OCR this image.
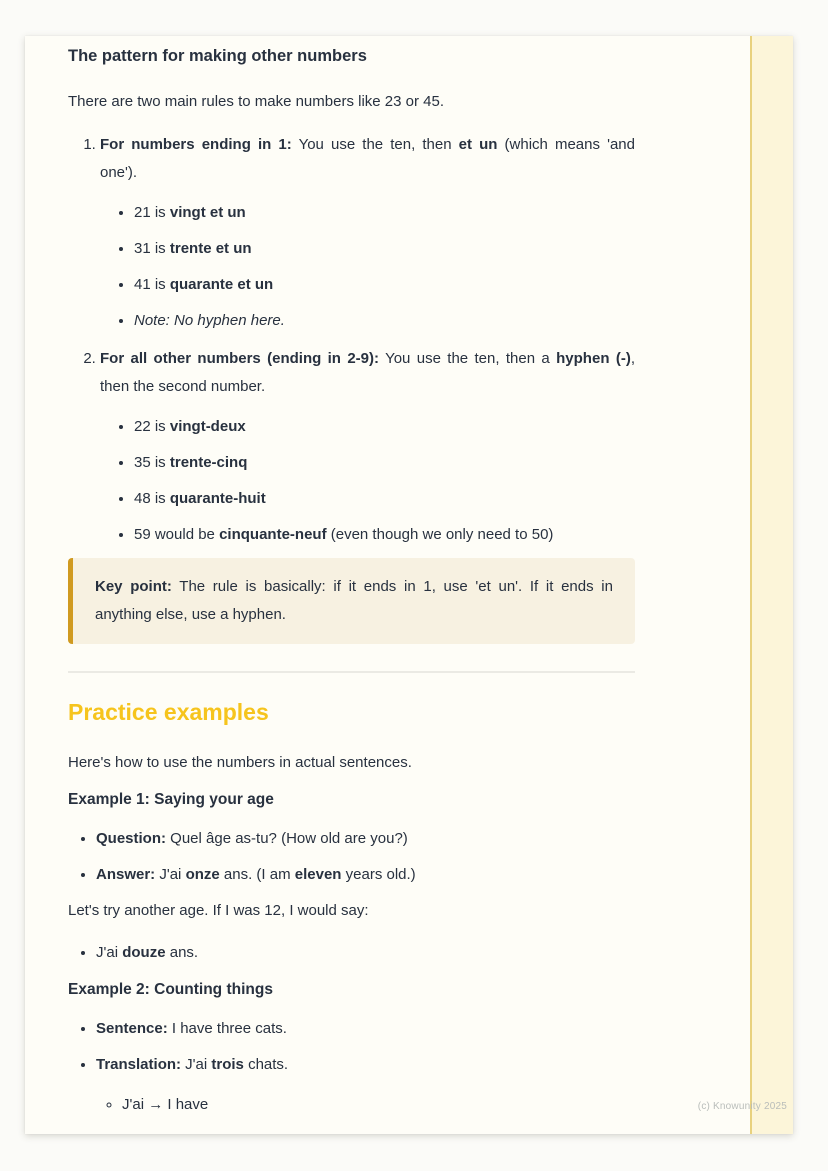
The pattern for making other numbers

There are two main rules to make numbers like 23 or 45.

1. For numbers ending in 1: You use the ten, then et un (which means 'and one').
• 21 is vingt et un
• 31 is trente et un
• 41 is quarante et un
• Note: No hyphen here.
2. For all other numbers (ending in 2-9): You use the ten, then a hyphen (-), then the second number.
• 22 is vingt-deux
• 35 is trente-cinq
• 48 is quarante-huit
• 59 would be cinquante-neuf (even though we only need to 50)
Key point: The rule is basically: if it ends in 1, use 'et un'. If it ends in anything else, use a hyphen.
Practice examples

Here's how to use the numbers in actual sentences.

Example 1: Saying your age
• Question: Quel âge as-tu? (How old are you?)
• Answer: J'ai onze ans. (I am eleven years old.)

Let's try another age. If I was 12, I would say:

• J'ai douze ans.
Example 2: Counting things
• Sentence: I have three cats.
• Translation: J'ai trois chats.
◦ J'ai → I have	(c) Knowunity 2025
